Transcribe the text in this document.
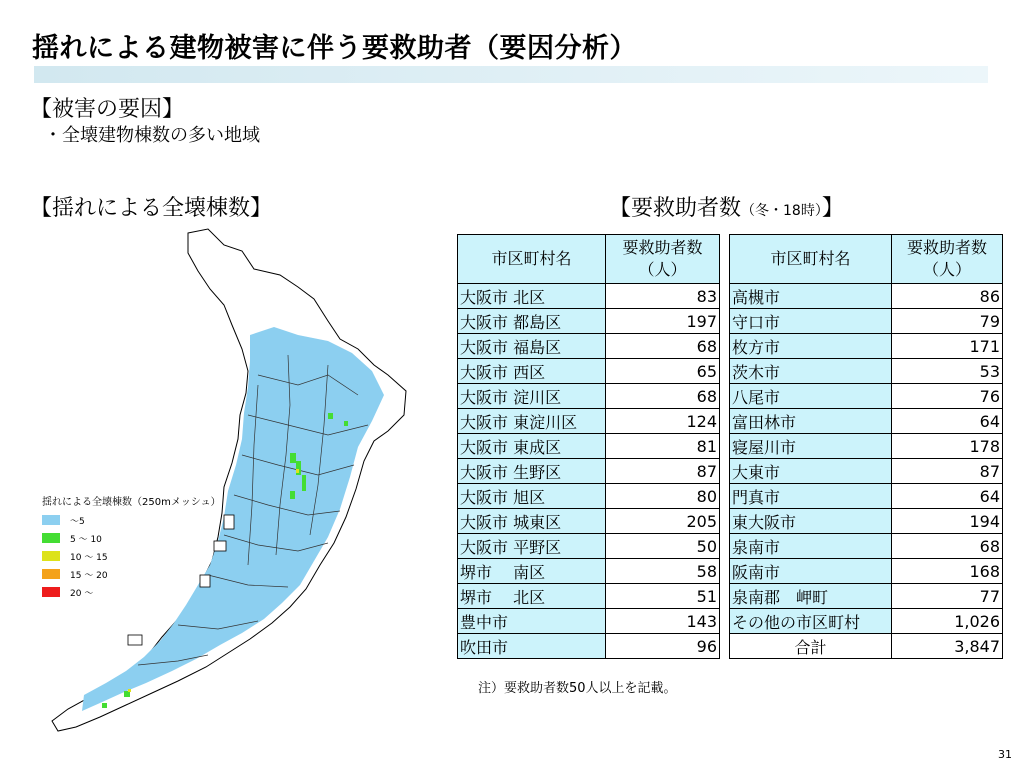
揺れによる建物被害に伴う要救助者（要因分析）
【被害の要因】
・全壊建物棟数の多い地域
【揺れによる全壊棟数】	【要救助者数（冬・18時）】
揺れによる全壊棟数（250mメッシュ）
～5
5 ～ 10
10 ～ 15
15 ～ 20
20 ～
市区町村名	要救助者数
（人）
大阪市 北区	83
大阪市 都島区	197
大阪市 福島区	68
大阪市 西区	65
大阪市 淀川区	68
大阪市 東淀川区	124
大阪市 東成区	81
大阪市 生野区	87
大阪市 旭区	80
大阪市 城東区	205
大阪市 平野区	50
堺市　 南区	58
堺市　 北区	51
豊中市	143
吹田市	96
市区町村名	要救助者数
（人）
高槻市	86
守口市	79
枚方市	171
茨木市	53
八尾市	76
富田林市	64
寝屋川市	178
大東市	87
門真市	64
東大阪市	194
泉南市	68
阪南市	168
泉南郡　岬町	77
その他の市区町村	1,026
合計	3,847
注）要救助者数50人以上を記載。
31
